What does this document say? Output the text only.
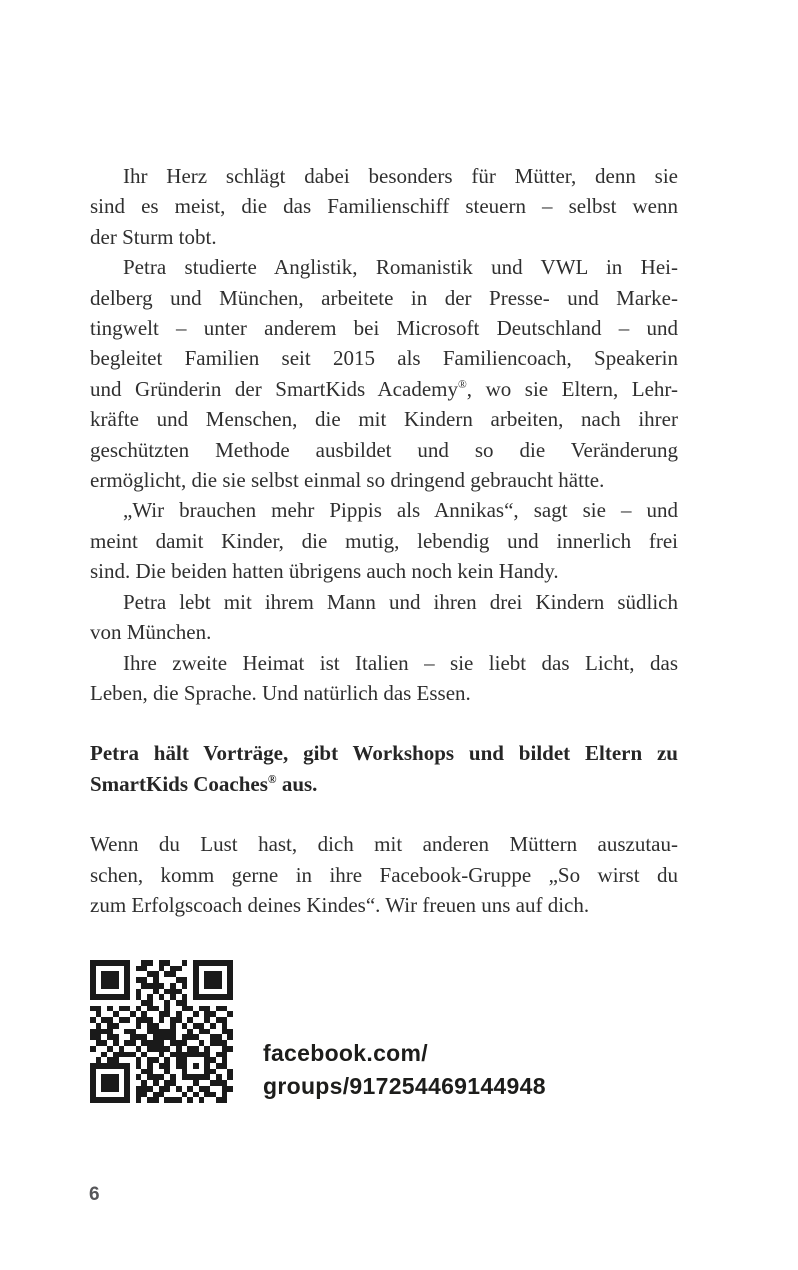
Ihr Herz schlägt dabei besonders für Mütter, denn sie
sind es meist, die das Familienschiff steuern – selbst wenn
der Sturm tobt.
Petra studierte Anglistik, Romanistik und VWL in Hei-
delberg und München, arbeitete in der Presse- und Marke-
tingwelt – unter anderem bei Microsoft Deutschland – und
begleitet Familien seit 2015 als Familiencoach, Speakerin
und Gründerin der SmartKids Academy®, wo sie Eltern, Lehr-
kräfte und Menschen, die mit Kindern arbeiten, nach ihrer
geschützten Methode ausbildet und so die Veränderung
ermöglicht, die sie selbst einmal so dringend gebraucht hätte.
„Wir brauchen mehr Pippis als Annikas“, sagt sie – und
meint damit Kinder, die mutig, lebendig und innerlich frei
sind. Die beiden hatten übrigens auch noch kein Handy.
Petra lebt mit ihrem Mann und ihren drei Kindern südlich
von München.
Ihre zweite Heimat ist Italien – sie liebt das Licht, das
Leben, die Sprache. Und natürlich das Essen.
Petra hält Vorträge, gibt Workshops und bildet Eltern zu
SmartKids Coaches® aus.
Wenn du Lust hast, dich mit anderen Müttern auszutau-
schen, komm gerne in ihre Facebook-Gruppe „So wirst du
zum Erfolgscoach deines Kindes“. Wir freuen uns auf dich.
facebook.com/
groups/917254469144948
6
